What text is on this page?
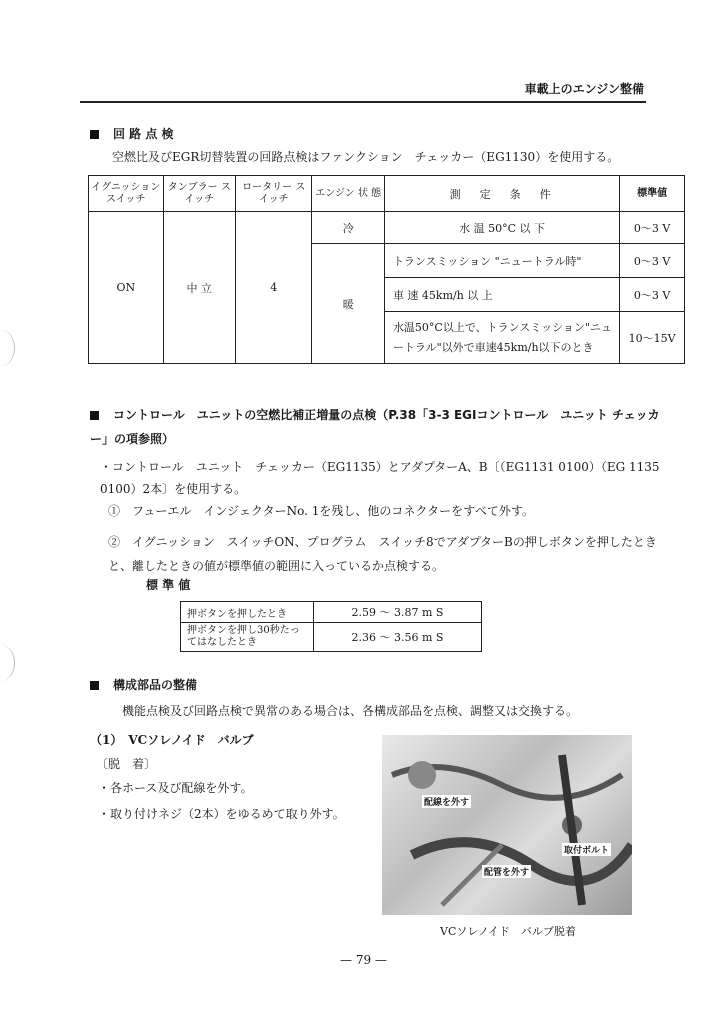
車載上のエンジン整備
回 路 点 検
空燃比及びEGR切替装置の回路点検はファンクション　チェッカー（EG1130）を使用する。
イグニッション スイッチ	タンブラー スイッチ	ロータリー スイッチ	エンジン 状 態	測　定　条　件	標準値
ON	中 立	4	冷	水 温 50°C 以 下	0〜3 V
			暖	トランスミッション "ニュートラル時"	0〜3 V
				車 速 45km/h 以 上	0〜3 V
				水温50°C以上で、トランスミッション"ニュートラル"以外で車速45km/h以下のとき	10〜15V
コントロール　ユニットの空燃比補正増量の点検（P.38「3-3 EGIコントロール　ユニット チェッカー」の項参照）
・コントロール　ユニット　チェッカー（EG1135）とアダプターA、B〔（EG1131 0100）（EG 1135 0100）2本〕を使用する。
①　フューエル　インジェクターNo. 1を残し、他のコネクターをすべて外す。
②　イグニッション　スイッチON、プログラム　スイッチ8でアダプターBの押しボタンを押したときと、離したときの値が標準値の範囲に入っているか点検する。
標 準 値
押ボタンを押したとき	2.59 〜 3.87 m S
押ボタンを押し30秒たってはなしたとき	2.36 〜 3.56 m S
構成部品の整備
機能点検及び回路点検で異常のある場合は、各構成部品を点検、調整又は交換する。
（1）　VCソレノイド　バルブ
〔脱　着〕
・各ホース及び配線を外す。
・取り付けネジ（2本）をゆるめて取り外す。
配線を外す
取付ボルト
配管を外す
VCソレノイド　バルブ脱着
— 79 —
